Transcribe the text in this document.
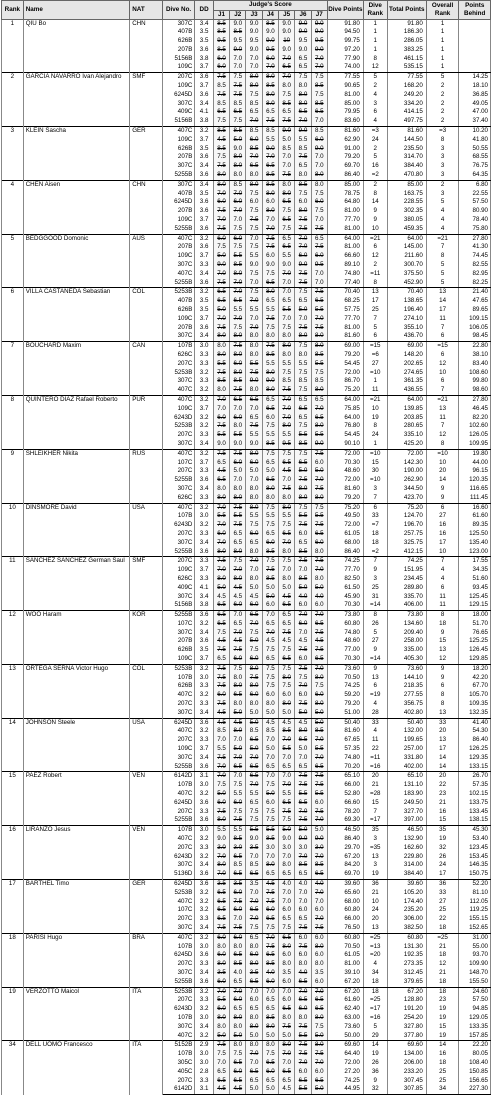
Rank	Name	NAT	Dive No.	DD	Judge's Score							Dive Points	Dive Rank	Total Points	Overall Rank	Points Behind
					J1	J2	J3	J4	J5	J6	J7					
1	QIU Bo	CHN	307C	3.4	8.5	9.0	9.0	8.5	9.0	9.0	9.0	91.80	1	91.80	1	
			407B	3.5	8.5	8.5	9.0	9.0	9.0	9.0	9.0	94.50	1	186.30	1	
			626B	3.5	9.5	9.5	9.5	9.0	10	9.5	9.5	99.75	1	286.05	1	
			207B	3.6	8.5	9.0	9.0	9.5	9.0	9.0	9.0	97.20	1	383.25	1	
			5156B	3.8	6.0	7.0	7.0	6.0	7.0	6.5	7.0	77.90	8	461.15	1	
			109C	3.7	6.0	7.0	7.0	7.0	6.5	6.5	7.0	74.00	12	535.15	1	
2	GARCIA NAVARRO Ivan Alejandro	SMF	207C	3.6	7.5	7.5	8.0	8.0	7.0	7.5	7.5	77.55	5	77.55	5	14.25
			109C	3.7	8.5	7.5	8.0	8.5	8.0	8.0	8.5	90.65	2	168.20	2	18.10
			6245D	3.6	7.5	7.5	7.5	8.0	7.5	8.0	7.5	81.00	4	249.20	2	36.85
			307C	3.4	8.5	8.5	8.5	8.0	8.5	8.0	8.5	85.00	3	334.20	2	49.05
			409C	4.1	6.5	6.5	6.5	6.5	6.5	6.5	6.5	79.95	6	414.15	2	47.00
			5156B	3.8	7.5	7.5	7.0	7.5	7.5	7.0	7.0	83.60	4	497.75	2	37.40
3	KLEIN Sascha	GER	407C	3.2	8.5	8.5	8.5	8.5	9.0	9.0	8.5	81.60	=3	81.60	=3	10.20
			109C	3.7	4.5	5.0	6.0	5.5	5.0	5.5	6.0	62.90	24	144.50	8	41.80
			626B	3.5	8.5	9.0	8.5	9.0	8.5	8.5	9.0	91.00	2	235.50	3	50.55
			207B	3.6	7.5	8.0	7.0	7.0	7.0	7.5	7.0	79.20	5	314.70	3	68.55
			307C	3.4	7.5	8.0	6.5	6.5	7.0	6.5	7.0	69.70	16	384.40	3	76.75
			5255B	3.6	8.0	8.0	8.0	8.5	7.5	8.0	8.0	86.40	=2	470.80	3	64.35
4	CHEN Aisen	CHN	307C	3.4	8.0	8.5	8.0	8.5	8.0	8.5	8.0	85.00	2	85.00	2	6.80
			407B	3.5	7.0	7.0	7.5	8.0	8.0	7.5	7.5	78.75	8	163.75	3	22.55
			6245D	3.6	6.0	6.0	6.0	6.0	6.5	6.0	6.0	64.80	14	228.55	5	57.50
			207B	3.6	7.5	7.0	7.5	8.0	7.5	8.0	7.5	81.00	9	302.35	4	80.90
			109C	3.7	7.0	7.0	7.5	7.0	6.5	7.5	7.0	77.70	9	380.05	4	78.40
			5255B	3.6	7.5	7.5	7.5	7.0	7.5	7.5	7.5	81.00	10	459.35	4	75.80
5	BEDGGOOD Domonic	AUS	407C	3.2	6.0	6.0	7.0	7.5	6.5	7.0	6.5	64.00	=21	64.00	=21	27.80
			207B	3.6	7.5	7.5	7.5	7.5	6.5	7.0	7.5	81.00	6	145.00	7	41.30
			109C	3.7	5.0	5.5	5.5	6.0	5.5	6.0	6.0	66.60	12	211.60	8	74.45
			307C	3.3	9.0	8.5	9.0	9.0	9.0	9.0	9.5	89.10	2	300.70	5	82.55
			407C	3.4	7.0	8.0	7.5	7.5	7.0	7.5	7.0	74.80	=11	375.50	5	82.95
			5255B	3.6	7.5	7.0	7.0	6.5	7.0	7.5	7.0	77.40	8	452.90	5	82.25
6	VILLA CASTANEDA Sebastian	COL	5253B	3.2	6.5	7.0	7.5	8.0	7.0	7.5	7.5	70.40	13	70.40	13	21.40
			407B	3.5	6.5	6.5	7.0	6.5	6.5	6.5	6.5	68.25	17	138.65	14	47.65
			626B	3.5	5.0	5.5	5.5	5.5	5.5	5.0	5.5	57.75	25	196.40	17	89.65
			109C	3.7	7.0	7.0	7.0	7.5	7.0	7.0	7.0	77.70	7	274.10	11	109.15
			207B	3.6	7.5	7.5	7.0	7.5	7.5	7.5	7.5	81.00	5	355.10	7	106.05
			307C	3.4	8.0	8.0	8.0	8.0	8.0	8.0	8.0	81.60	6	436.70	6	98.45
7	BOUCHARD Maxim	CAN	107B	3.0	8.0	7.5	8.0	7.5	8.0	7.5	8.0	69.00	=15	69.00	=15	22.80
			626C	3.3	8.0	8.0	8.0	8.5	8.0	8.0	8.5	79.20	=6	148.20	6	38.10
			207C	3.3	5.5	6.0	5.5	5.5	5.5	5.5	5.5	54.45	27	202.65	12	83.40
			5253B	3.2	7.5	8.0	7.5	8.0	7.5	7.5	7.5	72.00	=10	274.65	10	108.60
			307C	3.3	8.5	8.5	9.0	9.0	8.5	8.5	8.5	86.70	1	361.35	6	99.80
			407C	3.2	8.0	7.5	8.0	8.0	7.5	7.5	8.0	75.20	11	436.55	7	98.60
8	QUINTERO DIAZ Rafael Roberto	PUR	407C	3.2	7.0	6.5	6.5	6.5	7.0	6.5	6.5	64.00	=21	64.00	=21	27.80
			109C	3.7	7.0	7.0	7.0	6.5	7.0	6.5	7.0	75.85	10	139.85	13	46.45
			6243D	3.2	6.0	6.0	6.5	6.0	7.0	6.5	6.5	64.00	19	203.85	11	82.20
			5253B	3.2	7.5	8.0	7.5	7.5	8.0	7.5	8.0	76.80	8	280.65	7	102.60
			207C	3.3	5.5	5.5	5.5	5.5	5.5	5.5	5.5	54.45	24	335.10	12	126.05
			307C	3.4	9.0	9.0	9.0	8.5	9.5	8.5	9.0	90.10	1	425.20	8	109.95
9	SHLEIKHER Nikita	RUS	407C	3.2	7.5	7.5	8.0	7.5	7.5	7.5	7.5	72.00	=10	72.00	=10	19.80
			107C	3.7	6.5	6.0	6.0	6.5	6.5	6.5	6.0	70.30	15	142.30	10	44.00
			207C	3.3	4.5	5.0	5.0	5.0	4.5	5.0	5.0	48.60	30	190.00	20	96.15
			5255B	3.6	6.5	7.0	7.0	6.5	7.0	7.5	7.0	72.00	=10	262.90	14	120.35
			307C	3.4	8.0	8.0	8.0	8.0	7.5	8.0	7.5	81.60	3	344.50	9	116.65
			626C	3.3	8.0	8.0	8.0	8.0	8.0	8.0	8.0	79.20	7	423.70	9	111.45
10	DINSMORE David	USA	407C	3.2	7.0	7.5	8.0	7.5	8.0	7.5	7.5	75.20	6	75.20	6	16.60
			107B	3.0	5.5	5.5	5.5	5.5	5.5	5.5	5.5	49.50	33	124.70	27	61.60
			6243D	3.2	7.0	7.5	7.5	7.5	7.5	7.5	7.5	72.00	=7	196.70	16	89.35
			207C	3.3	6.0	6.5	6.0	6.5	6.5	6.0	6.5	61.05	18	257.75	16	125.50
			307C	3.4	7.0	6.5	6.5	6.0	7.0	6.5	6.0	68.00	18	325.75	17	135.40
			5255B	3.6	8.0	8.0	8.0	8.5	8.0	8.5	8.0	86.40	=2	412.15	10	123.00
11	SANCHEZ SANCHEZ German Saul	SMF	207C	3.3	7.5	7.5	7.0	7.5	7.5	7.5	7.5	74.25	7	74.25	7	17.55
			109C	3.7	7.0	7.0	7.0	7.5	7.0	7.0	7.0	77.70	9	151.95	4	34.35
			626C	3.3	8.0	8.0	8.0	8.5	8.0	8.5	8.0	82.50	3	234.45	4	51.60
			409C	4.1	5.0	4.5	5.0	5.0	5.0	5.0	5.0	61.50	25	289.80	6	93.45
			307C	3.4	4.5	4.5	4.5	5.0	4.5	4.0	4.0	45.90	31	335.70	11	125.45
			5156B	3.8	6.5	6.0	6.0	6.0	6.5	6.0	6.0	70.30	=14	406.00	11	129.15
12	WOO Haram	KOR	5255B	3.6	6.5	7.0	6.5	7.0	6.5	7.0	7.0	73.80	8	73.80	8	18.00
			107C	3.2	6.5	6.5	7.0	6.5	6.5	6.0	6.5	60.80	26	134.60	18	51.70
			307C	3.4	7.5	7.0	7.5	7.0	7.5	7.0	7.5	74.80	5	209.40	9	76.65
			207B	3.6	4.5	4.5	5.0	4.5	4.5	4.5	4.5	48.60	27	258.00	15	125.25
			626B	3.5	7.5	7.5	7.5	7.5	7.5	7.5	7.5	77.00	9	335.00	13	126.45
			109C	3.7	6.5	6.0	6.0	6.5	6.5	6.0	6.5	70.30	=14	405.30	12	129.85
13	ORTEGA SERNA Victor Hugo	COL	5253B	3.2	7.5	7.5	8.0	7.5	7.5	7.5	7.0	73.60	9	73.60	9	18.20
			107B	3.0	7.5	8.0	7.5	7.5	8.0	7.5	8.0	70.50	13	144.10	9	42.20
			626B	3.3	7.5	8.0	8.0	7.5	7.5	7.0	7.5	74.25	6	218.35	6	67.70
			407C	3.2	6.0	6.5	6.0	6.0	6.0	6.0	6.0	59.20	=19	277.55	8	105.70
			207C	3.3	7.5	8.0	8.0	8.0	8.0	7.5	8.0	79.20	4	356.75	8	109.35
			307C	3.4	4.5	5.0	5.0	5.0	5.0	5.0	5.0	51.00	28	402.80	13	132.35
14	JOHNSON Steele	USA	6245D	3.6	4.5	4.5	5.0	4.5	4.5	4.5	5.0	50.40	33	50.40	33	41.40
			407C	3.2	8.5	8.0	8.5	8.5	8.5	8.0	8.5	81.60	4	132.00	20	54.30
			207C	3.3	7.0	7.0	6.5	7.0	7.0	6.5	7.0	67.65	11	199.65	13	86.40
			109C	3.7	5.5	5.0	5.0	5.0	5.5	5.0	5.5	57.35	22	257.00	17	126.25
			307C	3.4	7.5	7.0	7.0	7.0	7.0	7.0	7.0	74.80	=11	331.80	14	129.35
			5255B	3.6	7.0	6.5	6.5	6.5	6.5	6.5	6.5	70.20	=16	402.00	14	133.15
15	PAEZ Robert	VEN	6142D	3.1	7.0	7.0	6.5	7.0	7.0	7.5	7.5	65.10	20	65.10	20	26.70
			107B	3.0	7.5	7.5	7.0	7.5	7.0	7.5	7.5	66.00	21	131.10	22	57.35
			407C	3.2	5.0	5.5	5.5	5.0	5.5	5.5	5.5	52.80	=28	183.90	23	102.15
			6245D	3.6	6.0	6.0	6.5	6.0	6.5	6.5	6.0	66.60	15	249.50	21	133.75
			207C	3.3	7.5	7.5	7.5	7.5	7.5	7.0	7.5	78.20	7	327.70	16	133.45
			5255B	3.6	8.0	7.5	7.5	7.5	7.5	7.5	7.0	69.30	=17	397.00	15	138.15
16	LIRANZO Jesus	VEN	107B	3.0	5.5	5.5	5.5	5.5	5.0	5.0	5.0	46.50	35	46.50	35	45.30
			407C	3.2	9.0	8.5	9.0	8.5	9.0	9.0	9.0	86.40	3	132.90	19	53.40
			207C	3.3	3.0	3.0	3.5	3.0	3.0	3.0	3.0	29.70	=35	162.60	32	123.45
			6243D	3.2	7.0	6.5	7.0	7.0	7.0	7.0	7.0	67.20	13	229.80	26	153.45
			307C	3.4	8.0	8.5	8.5	8.0	8.0	8.5	8.5	84.20	3	314.00	24	146.35
			5136D	3.6	7.0	6.5	6.5	6.5	6.5	6.5	6.5	69.70	19	384.40	17	150.75
17	BARTHEL Timo	GER	6245D	3.6	3.5	3.5	3.5	4.5	4.0	4.0	4.0	39.60	36	39.60	36	52.20
			5253B	3.2	6.5	6.0	7.0	7.5	7.0	7.0	7.0	65.60	21	105.20	33	81.10
			407C	3.2	6.5	7.5	7.0	7.5	7.0	7.0	7.0	68.00	10	174.40	27	112.05
			107C	3.2	6.5	6.0	6.5	6.0	6.0	6.0	6.0	60.80	24	235.20	25	119.25
			207C	3.3	6.5	7.0	7.0	6.5	6.5	6.5	7.0	66.00	20	306.00	22	155.15
			307C	3.4	7.5	7.5	7.5	7.5	7.5	7.5	7.5	76.50	13	382.50	18	152.65
18	PARISI Hugo	BRA	407C	3.2	6.0	6.0	6.5	7.0	6.5	6.0	6.0	60.80	=25	60.80	=25	31.00
			107B	3.0	8.0	8.0	8.0	7.5	8.0	7.5	8.0	70.50	=13	131.30	21	55.00
			6245D	3.6	6.0	6.5	6.0	6.5	6.0	6.0	6.0	61.05	=20	192.35	18	93.70
			207C	3.3	8.0	8.5	8.0	8.5	8.0	8.0	8.0	81.00	4	273.35	12	109.90
			307C	3.4	3.5	4.0	3.5	4.0	3.5	4.0	3.5	39.10	34	312.45	21	148.70
			5255B	3.6	6.0	6.5	6.5	6.0	6.0	6.5	6.0	67.20	18	379.65	18	155.50
19	VERZOTTO Maicol	ITA	5253B	3.2	7.0	7.0	7.0	7.0	7.0	7.0	7.0	67.20	18	67.20	18	24.60
			207C	3.3	5.5	6.0	6.0	6.5	6.0	6.5	6.5	61.60	=25	128.80	23	57.50
			6243D	3.2	6.0	6.5	6.5	6.5	6.5	6.0	6.5	62.40	=17	191.20	19	94.85
			107B	3.0	8.0	8.0	8.0	8.5	8.0	8.0	8.0	63.00	=16	254.20	19	129.05
			307C	3.4	8.0	8.0	8.0	8.0	7.5	7.5	7.5	73.60	5	327.80	15	133.35
			407C	3.2	5.0	5.0	5.0	5.0	5.0	5.5	5.0	50.00	29	377.80	19	157.85
34	DELL UOMO Francesco	ITA	5152B	2.9	7.5	8.0	8.0	8.0	8.0	7.5	8.0	69.60	14	69.60	14	22.20
			107B	3.0	7.5	7.5	7.0	7.5	7.0	7.5	7.5	64.40	19	134.00	16	80.05
			305C	3.0	7.0	6.5	7.0	6.5	7.0	7.0	7.0	72.00	26	206.00	18	108.40
			405C	2.8	6.5	6.0	6.5	6.0	6.5	6.0	6.0	27.20	36	233.20	25	150.85
			207C	3.3	6.5	6.5	6.5	6.5	6.5	6.5	6.5	74.25	9	307.45	25	156.65
			6142D	3.1	4.5	4.5	5.0	5.0	4.5	5.5	5.0	44.95	32	307.85	34	227.30
